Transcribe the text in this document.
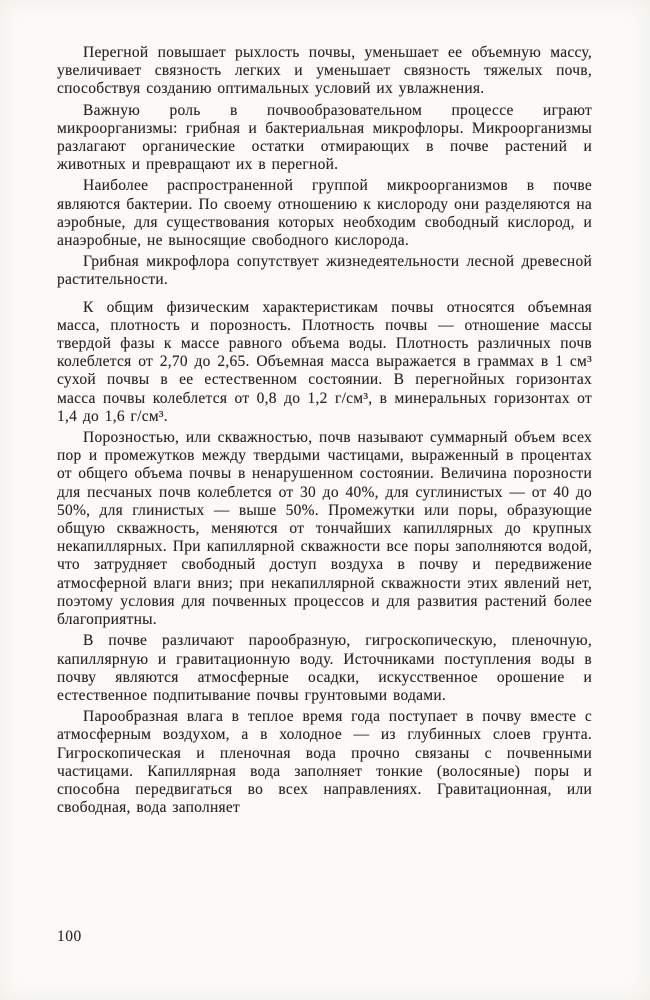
Перегной повышает рыхлость почвы, уменьшает ее объемную массу, увеличивает связность легких и уменьшает связность тяжелых почв, способствуя созданию оптимальных условий их увлажнения.

Важную роль в почвообразовательном процессе играют микроорганизмы: грибная и бактериальная микрофлоры. Микроорганизмы разлагают органические остатки отмирающих в почве растений и животных и превращают их в перегной.

Наиболее распространенной группой микроорганизмов в почве являются бактерии. По своему отношению к кислороду они разделяются на аэробные, для существования которых необходим свободный кислород, и анаэробные, не выносящие свободного кислорода.

Грибная микрофлора сопутствует жизнедеятельности лесной древесной растительности.

К общим физическим характеристикам почвы относятся объемная масса, плотность и порозность. Плотность почвы — отношение массы твердой фазы к массе равного объема воды. Плотность различных почв колеблется от 2,70 до 2,65. Объемная масса выражается в граммах в 1 см³ сухой почвы в ее естественном состоянии. В перегнойных горизонтах масса почвы колеблется от 0,8 до 1,2 г/см³, в минеральных горизонтах от 1,4 до 1,6 г/см³.

Порозностью, или скважностью, почв называют суммарный объем всех пор и промежутков между твердыми частицами, выраженный в процентах от общего объема почвы в ненарушенном состоянии. Величина порозности для песчаных почв колеблется от 30 до 40%, для суглинистых — от 40 до 50%, для глинистых — выше 50%. Промежутки или поры, образующие общую скважность, меняются от тончайших капиллярных до крупных некапиллярных. При капиллярной скважности все поры заполняются водой, что затрудняет свободный доступ воздуха в почву и передвижение атмосферной влаги вниз; при некапиллярной скважности этих явлений нет, поэтому условия для почвенных процессов и для развития растений более благоприятны.

В почве различают парообразную, гигроскопическую, пленочную, капиллярную и гравитационную воду. Источниками поступления воды в почву являются атмосферные осадки, искусственное орошение и естественное подпитывание почвы грунтовыми водами.

Парообразная влага в теплое время года поступает в почву вместе с атмосферным воздухом, а в холодное — из глубинных слоев грунта. Гигроскопическая и пленочная вода прочно связаны с почвенными частицами. Капиллярная вода заполняет тонкие (волосяные) поры и способна передвигаться во всех направлениях. Гравитационная, или свободная, вода заполняет

100
